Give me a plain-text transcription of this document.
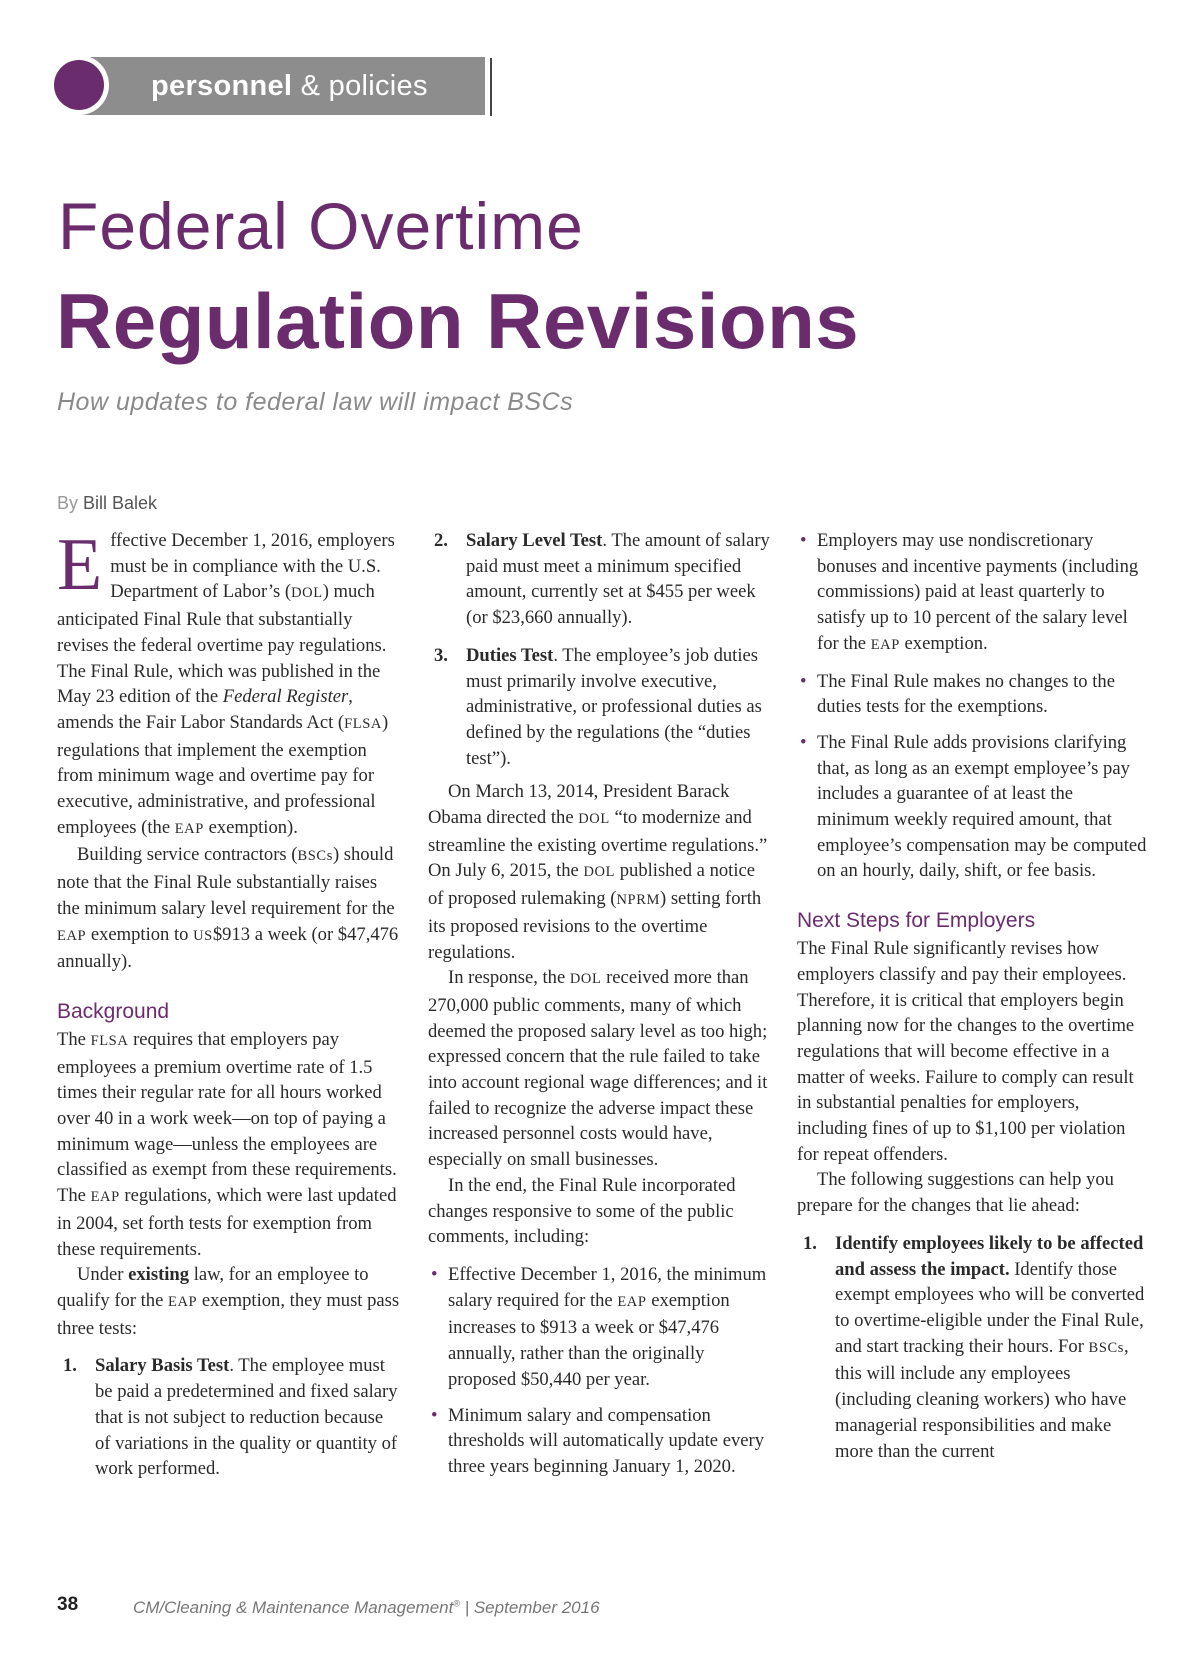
personnel & policies
Federal Overtime
Regulation Revisions
How updates to federal law will impact BSCs
By Bill Balek

Effective December 1, 2016, employers must be in compliance with the U.S. Department of Labor’s (DOL) much anticipated Final Rule that substantially revises the federal overtime pay regulations. The Final Rule, which was published in the May 23 edition of the Federal Register, amends the Fair Labor Standards Act (FLSA) regulations that implement the exemption from minimum wage and overtime pay for executive, administrative, and professional employees (the EAP exemption).

Building service contractors (BSCs) should note that the Final Rule substantially raises the minimum salary level requirement for the EAP exemption to US$913 a week (or $47,476 annually).

Background

The FLSA requires that employers pay employees a premium overtime rate of 1.5 times their regular rate for all hours worked over 40 in a work week—on top of paying a minimum wage—unless the employees are classified as exempt from these requirements. The EAP regulations, which were last updated in 2004, set forth tests for exemption from these requirements.

Under existing law, for an employee to qualify for the EAP exemption, they must pass three tests:

1. Salary Basis Test. The employee must be paid a predetermined and fixed salary that is not subject to reduction because of variations in the quality or quantity of work performed.
2. Salary Level Test. The amount of salary paid must meet a minimum specified amount, currently set at $455 per week (or $23,660 annually).
3. Duties Test. The employee’s job duties must primarily involve executive, administrative, or professional duties as defined by the regulations (the “duties test”).

On March 13, 2014, President Barack Obama directed the DOL “to modernize and streamline the existing overtime regulations.” On July 6, 2015, the DOL published a notice of proposed rulemaking (NPRM) setting forth its proposed revisions to the overtime regulations.

In response, the DOL received more than 270,000 public comments, many of which deemed the proposed salary level as too high; expressed concern that the rule failed to take into account regional wage differences; and it failed to recognize the adverse impact these increased personnel costs would have, especially on small businesses.

In the end, the Final Rule incorporated changes responsive to some of the public comments, including:

• Effective December 1, 2016, the minimum salary required for the EAP exemption increases to $913 a week or $47,476 annually, rather than the originally proposed $50,440 per year.
• Minimum salary and compensation thresholds will automatically update every three years beginning January 1, 2020.
• Employers may use nondiscretionary bonuses and incentive payments (including commissions) paid at least quarterly to satisfy up to 10 percent of the salary level for the EAP exemption.
• The Final Rule makes no changes to the duties tests for the exemptions.
• The Final Rule adds provisions clarifying that, as long as an exempt employee’s pay includes a guarantee of at least the minimum weekly required amount, that employee’s compensation may be computed on an hourly, daily, shift, or fee basis.
Next Steps for Employers

The Final Rule significantly revises how employers classify and pay their employees. Therefore, it is critical that employers begin planning now for the changes to the overtime regulations that will become effective in a matter of weeks. Failure to comply can result in substantial penalties for employers, including fines of up to $1,100 per violation for repeat offenders.

The following suggestions can help you prepare for the changes that lie ahead:

1. Identify employees likely to be affected and assess the impact. Identify those exempt employees who will be converted to overtime-eligible under the Final Rule, and start tracking their hours. For BSCs, this will include any employees (including cleaning workers) who have managerial responsibilities and make more than the current
38	CM/Cleaning & Maintenance Management® | September 2016
